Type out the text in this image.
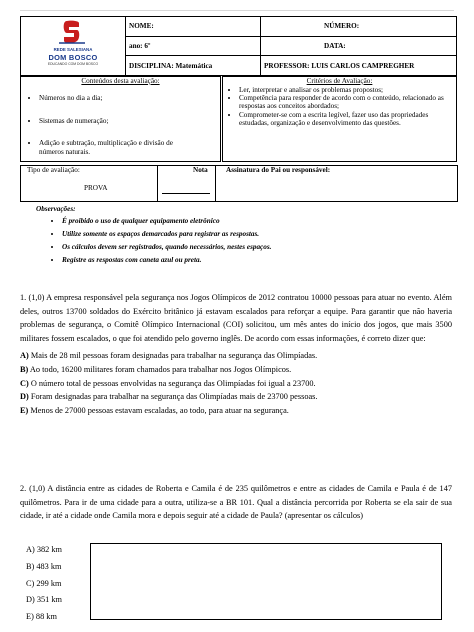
REDE SALESIANA
DOM BOSCO
EDUCANDO COM DOM BOSCO	NOME:	NÚMERO:
	ano: 6º	DATA:
	DISCIPLINA: Matemática	PROFESSOR: LUIS CARLOS CAMPREGHER
Conteúdos desta avaliação:
• Números no dia a dia;
• Sistemas de numeração;
• Adição e subtração, multiplicação e divisão de números naturais.
Critérios de Avaliação:
• Ler, interpretar e analisar os problemas propostos;
• Competência para responder de acordo com o conteúdo, relacionado as respostas aos conceitos abordados;
• Comprometer-se com a escrita legível, fazer uso das propriedades estudadas, organização e desenvolvimento das questões.
Tipo de avaliação:
PROVA
Nota	Assinatura do Pai ou responsável:
Observações:
• É proibido o uso de qualquer equipamento eletrônico
• Utilize somente os espaços demarcados para registrar as respostas.
• Os cálculos devem ser registrados, quando necessários, nestes espaços.
• Registre as respostas com caneta azul ou preta.
1. (1,0) A empresa responsável pela segurança nos Jogos Olímpicos de 2012 contratou 10000 pessoas para atuar no evento. Além deles, outros 13700 soldados do Exército britânico já estavam escalados para reforçar a equipe. Para garantir que não haveria problemas de segurança, o Comitê Olímpico Internacional (COI) solicitou, um mês antes do início dos jogos, que mais 3500 militares fossem escalados, o que foi atendido pelo governo inglês. De acordo com essas informações, é correto dizer que:
A) Mais de 28 mil pessoas foram designadas para trabalhar na segurança das Olimpíadas.
B) Ao todo, 16200 militares foram chamados para trabalhar nos Jogos Olímpicos.
C) O número total de pessoas envolvidas na segurança das Olimpíadas foi igual a 23700.
D) Foram designadas para trabalhar na segurança das Olimpíadas mais de 23700 pessoas.
E) Menos de 27000 pessoas estavam escaladas, ao todo, para atuar na segurança.
2. (1,0) A distância entre as cidades de Roberta e Camila é de 235 quilômetros e entre as cidades de Camila e Paula é de 147 quilômetros. Para ir de uma cidade para a outra, utiliza-se a BR 101. Qual a distância percorrida por Roberta se ela sair de sua cidade, ir até a cidade onde Camila mora e depois seguir até a cidade de Paula? (apresentar os cálculos)
A) 382 km
B) 483 km
C) 299 km
D) 351 km
E) 88 km
